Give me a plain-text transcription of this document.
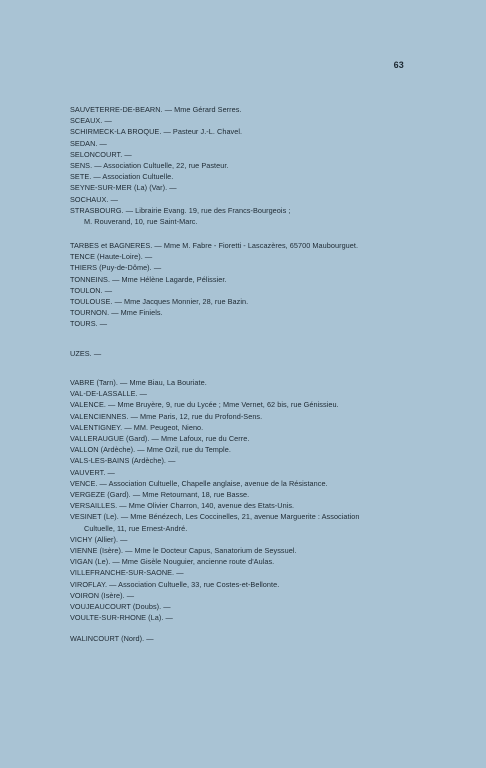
63
SAUVETERRE-DE-BEARN. — Mme Gérard Serres.
SCEAUX. —
SCHIRMECK-LA BROQUE. — Pasteur J.-L. Chavel.
SEDAN. —
SELONCOURT. —
SENS. — Association Cultuelle, 22, rue Pasteur.
SETE. — Association Cultuelle.
SEYNE-SUR-MER (La) (Var). —
SOCHAUX. —
STRASBOURG. — Librairie Evang. 19, rue des Francs-Bourgeois ;
M. Rouverand, 10, rue Saint-Marc.
TARBES et BAGNERES. — Mme M. Fabre - Fioretti - Lascazères, 65700 Maubourguet.
TENCE (Haute-Loire). —
THIERS (Puy-de-Dôme). —
TONNEINS. — Mme Hélène Lagarde, Pélissier.
TOULON. —
TOULOUSE. — Mme Jacques Monnier, 28, rue Bazin.
TOURNON. — Mme Finiels.
TOURS. —
UZES. —
VABRE (Tarn). — Mme Biau, La Bouriate.
VAL-DE-LASSALLE. —
VALENCE. — Mme Bruyère, 9, rue du Lycée ; Mme Vernet, 62 bis, rue Génissieu.
VALENCIENNES. — Mme Paris, 12, rue du Profond-Sens.
VALENTIGNEY. — MM. Peugeot, Nieno.
VALLERAUGUE (Gard). — Mme Lafoux, rue du Cerre.
VALLON (Ardèche). — Mme Ozil, rue du Temple.
VALS-LES-BAINS (Ardèche). —
VAUVERT. —
VENCE. — Association Cultuelle, Chapelle anglaise, avenue de la Résistance.
VERGEZE (Gard). — Mme Retournant, 18, rue Basse.
VERSAILLES. — Mme Olivier Charron, 140, avenue des Etats-Unis.
VESINET (Le). — Mme Bénézech, Les Coccinelles, 21, avenue Marguerite : Association
Cultuelle, 11, rue Ernest-André.
VICHY (Allier). —
VIENNE (Isère). — Mme le Docteur Capus, Sanatorium de Seyssuel.
VIGAN (Le). — Mme Gisèle Nouguier, ancienne route d'Aulas.
VILLEFRANCHE-SUR-SAONE. —
VIROFLAY. — Association Cultuelle, 33, rue Costes-et-Bellonte.
VOIRON (Isère). —
VOUJEAUCOURT (Doubs). —
VOULTE-SUR-RHONE (La). —
WALINCOURT (Nord). —
